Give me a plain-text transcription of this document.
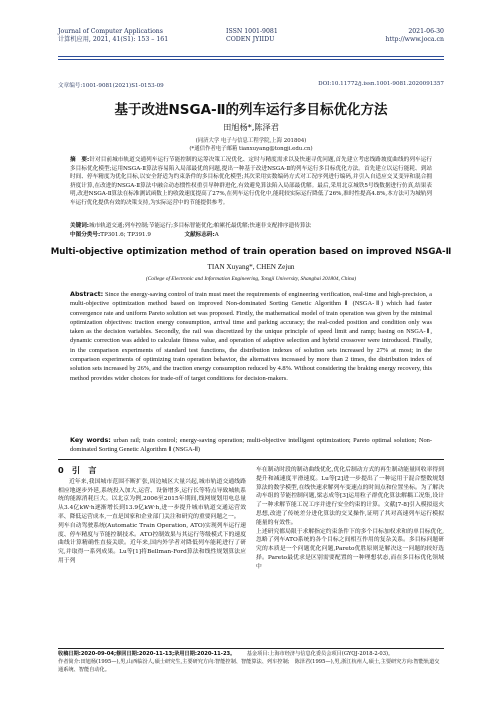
Journal of Computer Applications
计算机应用, 2021, 41(S1): 153 – 161
ISSN 1001-9081
CODEN JYIIDU
2021-06-30
http://www.joca.cn
文章编号:1001-9081(2021)S1-0153-09	DOI:10.11772/j.issn.1001-9081.2020091357
基于改进NSGA-Ⅱ的列车运行多目标优化方法
田旭杨*,陈泽君
(同济大学 电子与信息工程学院,上海 201804)
(*通信作者电子邮箱 tianxuyang@tongji.edu.cn)
摘　要:针对目前城市轨道交通列车运行节能控制的运筹决策工况优化、定时与精度需求以及快速寻优问题,首先建立考虑线路坡度曲线的列车运行多目标优化模型;运用NSGA-Ⅱ算法容易陷入局部最优的问题,提出一种基于改进NSGA-Ⅱ的列车运行多目标优化方法。首先建立以运行能耗、到站时间、停车精度为优化目标,以安全舒适为约束条件的多目标优化模型;其次采用实数编码方式对工况序列进行编码,并引入自适应交叉变异和混合拥挤度计算,在改进的NSGA-Ⅱ算法中融合动态惯性权重引导种群进化,有效避免算法陷入局部最优解。最后,采用北京城铁5号线数据进行仿真,结果表明,改进NSGA-Ⅱ算法在标准测试函数上的收敛速度提高了27%,在列车运行优化中,能耗较实际运行降低了26%,准时性提高4.8%,本方法可为城轨列车运行优化提供有效的决策支持,为实际运营中的节能提供参考。
关键词:城市轨道交通;列车控制;节能运行;多目标智能优化;帕累托最优解;快速非支配排序遗传算法
中图分类号:TP301.6; TP391.9	文献标志码:A
Multi-objective optimization method of train operation based on improved NSGA-Ⅱ
TIAN Xuyang*, CHEN Zejun
(College of Electronic and Information Engineering, Tongji University, Shanghai 201804, China)
Abstract: Since the energy-saving control of train must meet the requirements of engineering verification, real-time and high-precision, a multi-objective optimization method based on improved Non-dominated Sorting Genetic Algorithm Ⅱ (NSGA-Ⅱ) which had faster convergence rate and uniform Pareto solution set was proposed. Firstly, the mathematical model of train operation was given by the minimal optimization objectives: traction energy consumption, arrival time and parking accuracy; the real-coded position and condition only was taken as the decision variables. Secondly, the rail was discretized by the unique principle of speed limit and ramp; basing on NSGA-Ⅱ, dynamic correction was added to calculate fitness value, and operation of adaptive selection and hybrid crossover were introduced. Finally, in the comparison experiments of standard test functions, the distribution indexes of solution sets increased by 27% at most; in the comparison experiments of optimizing train operation behavior, the alternatives increased by more than 2 times, the distribution index of solution sets increased by 26%, and the traction energy consumption reduced by 4.8%. Without considering the braking energy recovery, this method provides wider choices for trade-off of target conditions for decision-makers.
Key words: urban rail; train control; energy-saving operation; multi-objective intelligent optimization; Pareto optimal solution; Non-dominated Sorting Genetic Algorithm Ⅱ (NSGA-Ⅱ)
0　引　言
近年来,我国城市范围不断扩张,周边城区大量兴起,城市轨道交通线路相应地逐步外延,系统投入加大,运营、设备增多,运行长等特点导致城轨系统的能源消耗巨大。以北京为例,2006至2015年期间,线网规划用电总量从3.4亿kW·h逐渐增长到13.9亿kW·h,进一步提升城市轨道交通运营效率、降低运营成本,一直是国家和企业部门关注和研究的重要问题之一。
列车自动驾驶系统(Automatic Train Operation, ATO)实现列车运行速度、停车精度与节能控制技术。ATO控制效果与其运行等级模式下的速度曲线计算精确性直接关联。近年来,国内外学者对降低列车能耗进行了研究,并取得一系列成果。Lu等[1]将Bellman-Ford算法和线性规划算法应用于列
车在制动时段的制动曲线优化,优化后制动方式的再生制动能量回收率得到提升和减速度平滑速度。Lu等[2]进一步提出了一种运用于混合整数规划算法的数学模型,在线快速求解列车变速点的时间点和位置坐标。为了解决动车组的节能控制问题,梁志成等[3]运用粒子群优化算法解耦工况集,设计了一种求解节能工况工序并进行安全约束的计算。文献[7-8]引入模拟退火思想,改进了传统差分进化算法的交叉操作,证明了其对高速列车运行模拟能量的有效性。
上述研究都局限于求解指定约束条件下的多个目标加权求和的单目标优化,忽略了列车ATO系统的各个目标之间相互作用的复杂关系。多目标问题研究的本质是一个问题优化问题,Pareto优胜原则是解决这一问题的较好选择。Pareto最优求是区别需要配置的一种理想状态,而在多目标优化领域中
收稿日期:2020-09-04;修回日期:2020-11-13;录用日期:2020-11-23。 基金项目:上海市经济与信息化委员会项目(GYQJ-2018-2-03)。
作者简介:田旭杨(1995—),男,山西临汾人,硕士研究生,主要研究方向:智能控制、智能算法、列车控制;　陈泽君(1995—),男,浙江杭州人,硕士,主要研究方向:智能轨道交通系统、智能自动化。
